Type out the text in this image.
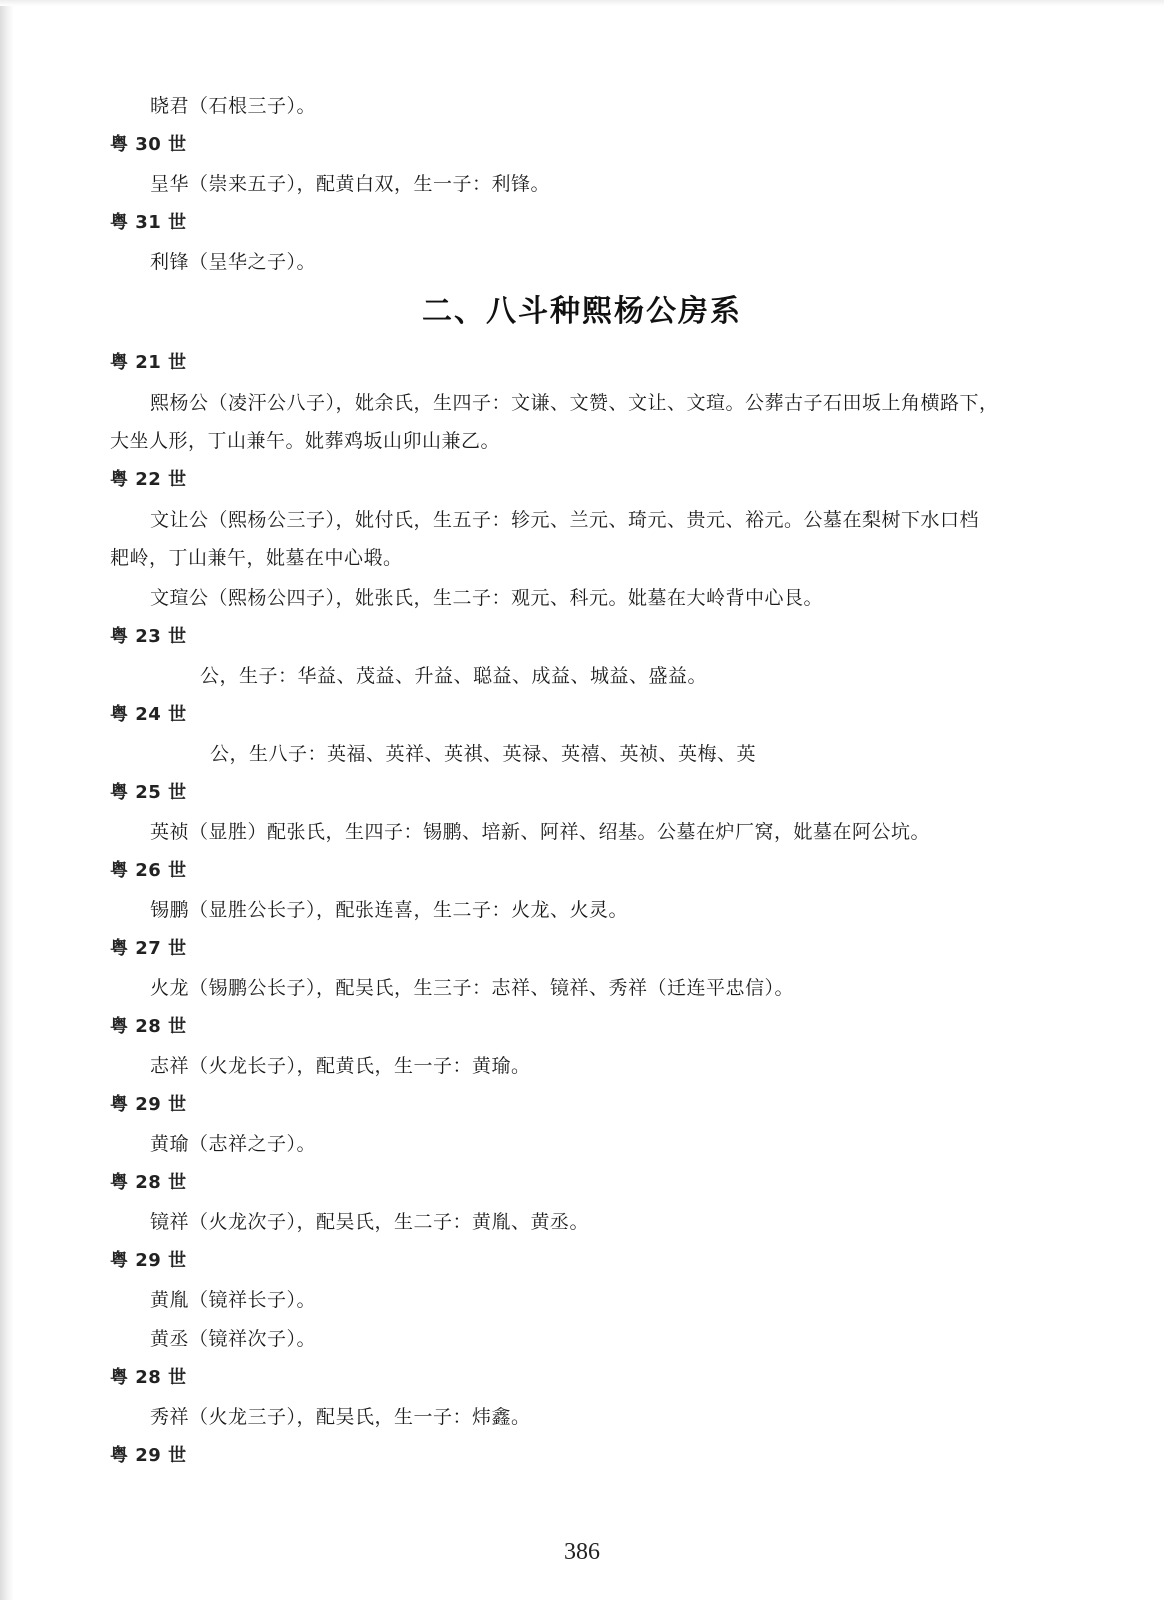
晓君（石根三子）。
粤 30 世
呈华（崇来五子），配黄白双，生一子：利锋。
粤 31 世
利锋（呈华之子）。
二、八斗种熙杨公房系
粤 21 世
熙杨公（凌汗公八子），妣余氏，生四子：文谦、文赞、文让、文瑄。公葬古子石田坂上角横路下，
大坐人形，丁山兼午。妣葬鸡坂山卯山兼乙。
粤 22 世
文让公（熙杨公三子），妣付氏，生五子：轸元、兰元、琦元、贵元、裕元。公墓在梨树下水口档
耙岭，丁山兼午，妣墓在中心塅。
文瑄公（熙杨公四子），妣张氏，生二子：观元、科元。妣墓在大岭背中心艮。
粤 23 世
公，生子：华益、茂益、升益、聪益、成益、城益、盛益。
粤 24 世
公，生八子：英福、英祥、英祺、英禄、英禧、英祯、英梅、英
粤 25 世
英祯（显胜）配张氏，生四子：锡鹏、培新、阿祥、绍基。公墓在炉厂窝，妣墓在阿公坑。
粤 26 世
锡鹏（显胜公长子），配张连喜，生二子：火龙、火灵。
粤 27 世
火龙（锡鹏公长子），配吴氏，生三子：志祥、镜祥、秀祥（迁连平忠信）。
粤 28 世
志祥（火龙长子），配黄氏，生一子：黄瑜。
粤 29 世
黄瑜（志祥之子）。
粤 28 世
镜祥（火龙次子），配吴氏，生二子：黄胤、黄丞。
粤 29 世
黄胤（镜祥长子）。
黄丞（镜祥次子）。
粤 28 世
秀祥（火龙三子），配吴氏，生一子：炜鑫。
粤 29 世
386
